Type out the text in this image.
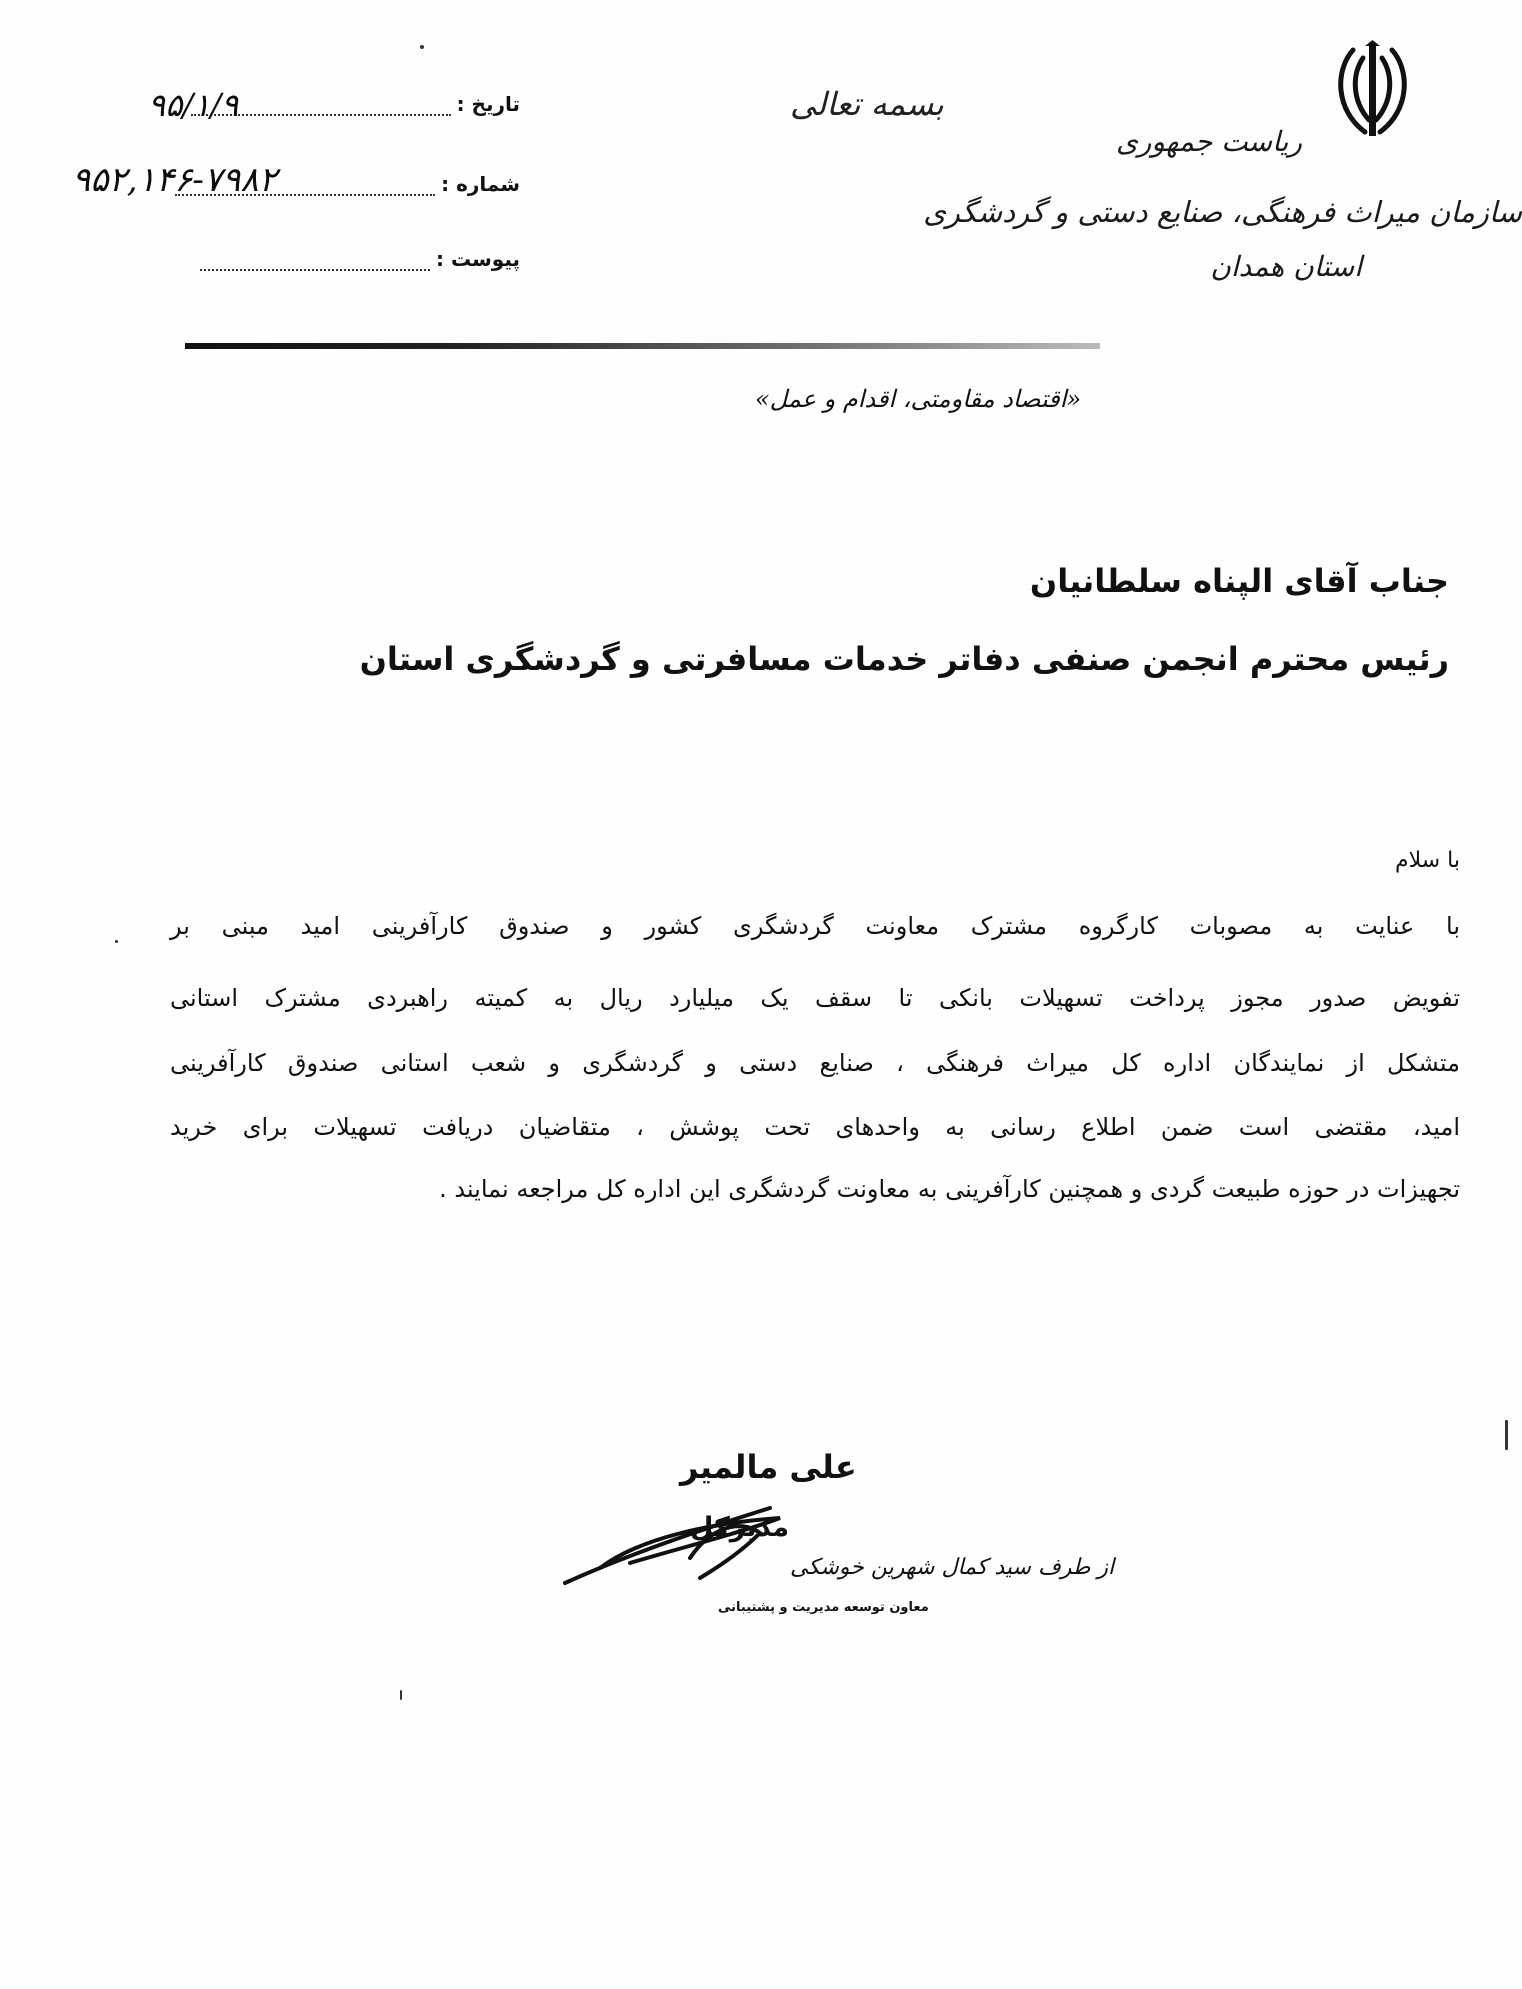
ریاست جمهوری
سازمان میراث فرهنگی، صنایع دستی و گردشگری
استان همدان
بسمه تعالی
تاریخ :
۹۵/۱/۹
شماره :
۹۵۲,۱۴۶-۷۹۸۲
پیوست :
«اقتصاد مقاومتی، اقدام و عمل»
جناب آقای الپناه سلطانیان
رئیس محترم انجمن صنفی دفاتر خدمات مسافرتی و گردشگری استان
با سلام
با عنایت به مصوبات کارگروه مشترک معاونت گردشگری کشور و صندوق کارآفرینی امید مبنی بر
تفویض صدور مجوز پرداخت تسهیلات بانکی تا سقف یک میلیارد ریال به کمیته راهبردی مشترک استانی
متشکل از نمایندگان اداره کل میراث فرهنگی ، صنایع دستی و گردشگری و شعب استانی صندوق کارآفرینی
امید، مقتضی است ضمن اطلاع رسانی به واحدهای تحت پوشش ، متقاضیان دریافت تسهیلات برای خرید
تجهیزات در حوزه طبیعت گردی و همچنین کارآفرینی به معاونت گردشگری این اداره کل مراجعه نمایند .
علی مالمیر
مدیرکل
از طرف سید کمال شهرین خوشکی
معاون توسعه مدیریت و پشتیبانی
